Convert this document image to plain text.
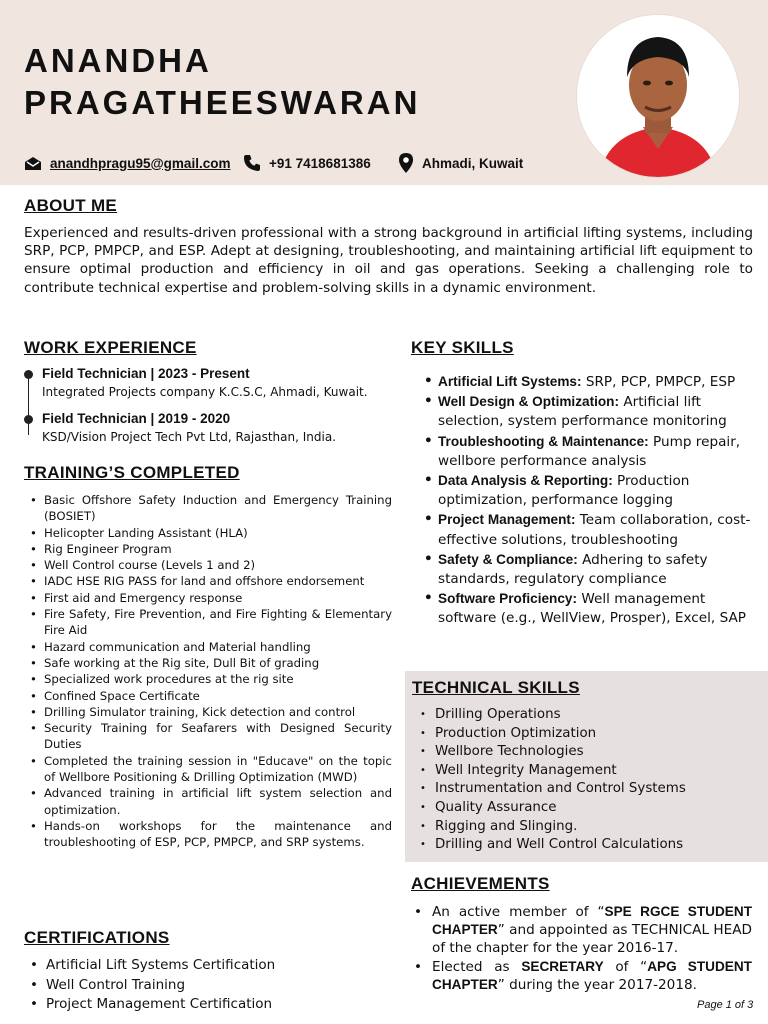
ANANDHA
PRAGATHEESWARAN
anandhpragu95@gmail.com	+91 7418681386	Ahmadi, Kuwait
ABOUT ME

Experienced and results-driven professional with a strong background in artificial lifting systems, including SRP, PCP, PMPCP, and ESP. Adept at designing, troubleshooting, and maintaining artificial lift equipment to ensure optimal production and efficiency in oil and gas operations. Seeking a challenging role to contribute technical expertise and problem-solving skills in a dynamic environment.

WORK EXPERIENCE
Field Technician | 2023 - Present
Integrated Projects company K.C.S.C, Ahmadi, Kuwait.
Field Technician | 2019 - 2020
KSD/Vision Project Tech Pvt Ltd, Rajasthan, India.
TRAINING’S COMPLETED
• Basic Offshore Safety Induction and Emergency Training (BOSIET)
• Helicopter Landing Assistant (HLA)
• Rig Engineer Program
• Well Control course (Levels 1 and 2)
• IADC HSE RIG PASS for land and offshore endorsement
• First aid and Emergency response
• Fire Safety, Fire Prevention, and Fire Fighting & Elementary Fire Aid
• Hazard communication and Material handling
• Safe working at the Rig site, Dull Bit of grading
• Specialized work procedures at the rig site
• Confined Space Certificate
• Drilling Simulator training, Kick detection and control
• Security Training for Seafarers with Designed Security Duties
• Completed the training session in "Educave" on the topic of Wellbore Positioning & Drilling Optimization (MWD)
• Advanced training in artificial lift system selection and optimization.
• Hands-on workshops for the maintenance and troubleshooting of ESP, PCP, PMPCP, and SRP systems.
CERTIFICATIONS
• Artificial Lift Systems Certification
• Well Control Training
• Project Management Certification
KEY SKILLS
• Artificial Lift Systems: SRP, PCP, PMPCP, ESP
• Well Design & Optimization: Artificial lift selection, system performance monitoring
• Troubleshooting & Maintenance: Pump repair, wellbore performance analysis
• Data Analysis & Reporting: Production optimization, performance logging
• Project Management: Team collaboration, cost-effective solutions, troubleshooting
• Safety & Compliance: Adhering to safety standards, regulatory compliance
• Software Proficiency: Well management software (e.g., WellView, Prosper), Excel, SAP
TECHNICAL SKILLS
• Drilling Operations
• Production Optimization
• Wellbore Technologies
• Well Integrity Management
• Instrumentation and Control Systems
• Quality Assurance
• Rigging and Slinging.
• Drilling and Well Control Calculations
ACHIEVEMENTS
• An active member of “SPE RGCE STUDENT CHAPTER” and appointed as TECHNICAL HEAD of the chapter for the year 2016-17.
• Elected as SECRETARY of “APG STUDENT CHAPTER” during the year 2017-2018.
Page 1 of 3
